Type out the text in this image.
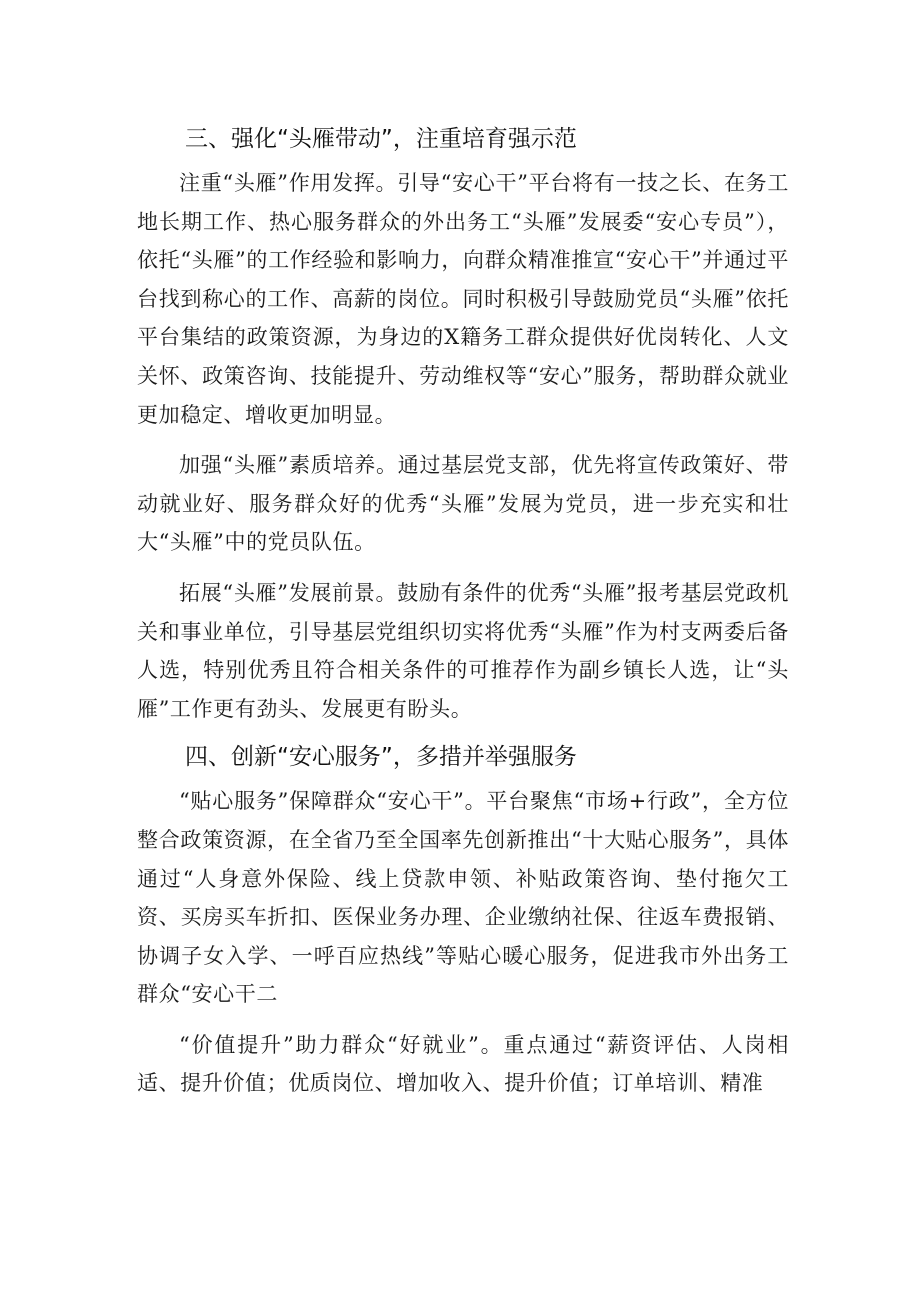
三、强化“头雁带动”，注重培育强示范

注重“头雁”作用发挥。引导“安心干”平台将有一技之长、在务工地长期工作、热心服务群众的外出务工“头雁”发展委“安心专员”），依托“头雁”的工作经验和影响力，向群众精准推宣“安心干”并通过平台找到称心的工作、高薪的岗位。同时积极引导鼓励党员“头雁”依托平台集结的政策资源，为身边的X籍务工群众提供好优岗转化、人文关怀、政策咨询、技能提升、劳动维权等“安心”服务，帮助群众就业更加稳定、增收更加明显。

加强“头雁”素质培养。通过基层党支部，优先将宣传政策好、带动就业好、服务群众好的优秀“头雁”发展为党员，进一步充实和壮大“头雁”中的党员队伍。

拓展“头雁”发展前景。鼓励有条件的优秀“头雁”报考基层党政机关和事业单位，引导基层党组织切实将优秀“头雁”作为村支两委后备人选，特别优秀且符合相关条件的可推荐作为副乡镇长人选，让“头雁”工作更有劲头、发展更有盼头。

四、创新“安心服务”，多措并举强服务

“贴心服务”保障群众“安心干”。平台聚焦“市场+行政”，全方位整合政策资源，在全省乃至全国率先创新推出“十大贴心服务”，具体通过“人身意外保险、线上贷款申领、补贴政策咨询、垫付拖欠工资、买房买车折扣、医保业务办理、企业缴纳社保、往返车费报销、协调子女入学、一呼百应热线”等贴心暖心服务，促进我市外出务工群众“安心干二

“价值提升”助力群众“好就业”。重点通过“薪资评估、人岗相适、提升价值；优质岗位、增加收入、提升价值；订单培训、精准
